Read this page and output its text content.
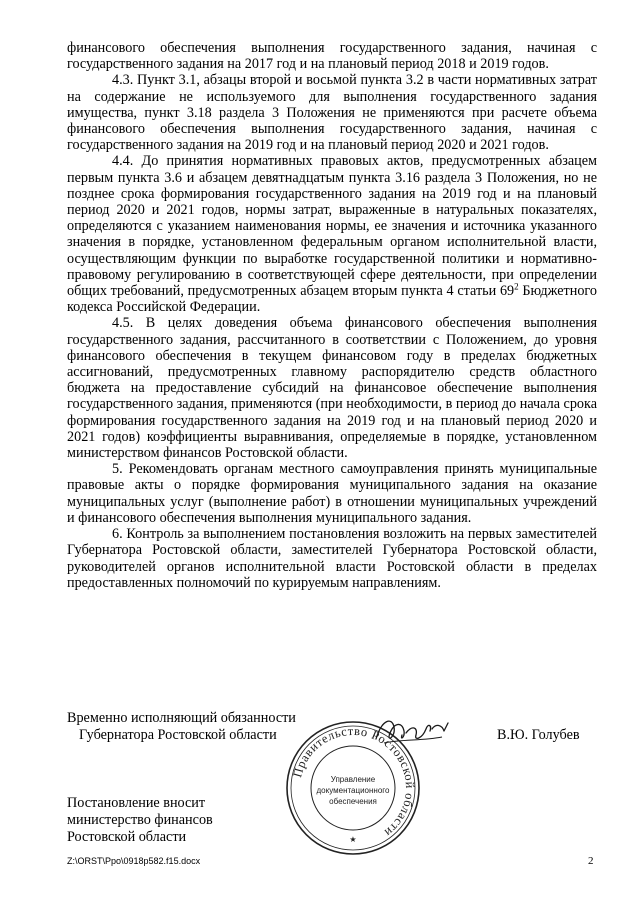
финансового обеспечения выполнения государственного задания, начиная с государственного задания на 2017 год и на плановый период 2018 и 2019 годов.

4.3. Пункт 3.1, абзацы второй и восьмой пункта 3.2 в части нормативных затрат на содержание не используемого для выполнения государственного задания имущества, пункт 3.18 раздела 3 Положения не применяются при расчете объема финансового обеспечения выполнения государственного задания, начиная с государственного задания на 2019 год и на плановый период 2020 и 2021 годов.

4.4. До принятия нормативных правовых актов, предусмотренных абзацем первым пункта 3.6 и абзацем девятнадцатым пункта 3.16 раздела 3 Положения, но не позднее срока формирования государственного задания на 2019 год и на плановый период 2020 и 2021 годов, нормы затрат, выраженные в натуральных показателях, определяются с указанием наименования нормы, ее значения и источника указанного значения в порядке, установленном федеральным органом исполнительной власти, осуществляющим функции по выработке государственной политики и нормативно-правовому регулированию в соответствующей сфере деятельности, при определении общих требований, предусмотренных абзацем вторым пункта 4 статьи $69^2$ Бюджетного кодекса Российской Федерации.

4.5. В целях доведения объема финансового обеспечения выполнения государственного задания, рассчитанного в соответствии с Положением, до уровня финансового обеспечения в текущем финансовом году в пределах бюджетных ассигнований, предусмотренных главному распорядителю средств областного бюджета на предоставление субсидий на финансовое обеспечение выполнения государственного задания, применяются (при необходимости, в период до начала срока формирования государственного задания на 2019 год и на плановый период 2020 и 2021 годов) коэффициенты выравнивания, определяемые в порядке, установленном министерством финансов Ростовской области.

5. Рекомендовать органам местного самоуправления принять муниципальные правовые акты о порядке формирования муниципального задания на оказание муниципальных услуг (выполнение работ) в отношении муниципальных учреждений и финансового обеспечения выполнения муниципального задания.

6. Контроль за выполнением постановления возложить на первых заместителей Губернатора Ростовской области, заместителей Губернатора Ростовской области, руководителей органов исполнительной власти Ростовской области в пределах предоставленных полномочий по курируемым направлениям.

Временно исполняющий обязанности
Губернатора Ростовской области
Правительство Ростовской области
Управление
документационного
обеспечения
★
В.Ю. Голубев
Постановление вносит
министерство финансов
Ростовской области
Z:\ORST\Ppo\0918p582.f15.docx	2
